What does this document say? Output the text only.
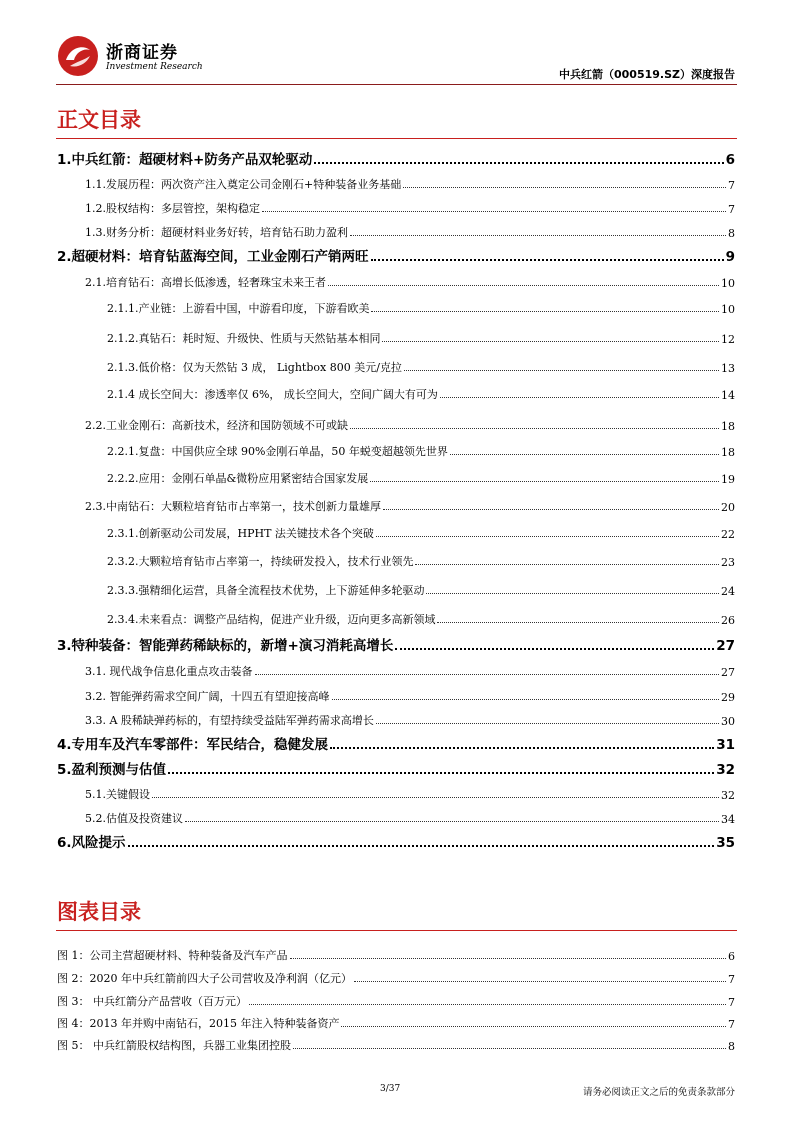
浙商证券
Investment Research
中兵红箭（000519.SZ）深度报告
正文目录
1.中兵红箭：超硬材料+防务产品双轮驱动	6
1.1.发展历程：两次资产注入奠定公司金刚石+特种装备业务基础	7
1.2.股权结构：多层管控，架构稳定	7
1.3.财务分析：超硬材料业务好转，培育钻石助力盈利	8
2.超硬材料：培育钻蓝海空间，工业金刚石产销两旺	9
2.1.培育钻石：高增长低渗透，轻奢珠宝未来王者	10
2.1.1.产业链：上游看中国，中游看印度，下游看欧美	10
2.1.2.真钻石：耗时短、升级快、性质与天然钻基本相同	12
2.1.3.低价格：仅为天然钻 3 成， Lightbox 800 美元/克拉	13
2.1.4 成长空间大：渗透率仅 6%， 成长空间大，空间广阔大有可为	14
2.2.工业金刚石：高新技术，经济和国防领域不可或缺	18
2.2.1.复盘：中国供应全球 90%金刚石单晶，50 年蜕变超越领先世界	18
2.2.2.应用：金刚石单晶&微粉应用紧密结合国家发展	19
2.3.中南钻石：大颗粒培育钻市占率第一，技术创新力量雄厚	20
2.3.1.创新驱动公司发展，HPHT 法关键技术各个突破	22
2.3.2.大颗粒培育钻市占率第一，持续研发投入，技术行业领先	23
2.3.3.强精细化运营，具备全流程技术优势，上下游延伸多轮驱动	24
2.3.4.未来看点：调整产品结构，促进产业升级，迈向更多高新领域	26
3.特种装备：智能弹药稀缺标的，新增+演习消耗高增长	27
3.1. 现代战争信息化重点攻击装备	27
3.2. 智能弹药需求空间广阔，十四五有望迎接高峰	29
3.3. A 股稀缺弹药标的，有望持续受益陆军弹药需求高增长	30
4.专用车及汽车零部件：军民结合，稳健发展	31
5.盈利预测与估值	32
5.1.关键假设	32
5.2.估值及投资建议	34
6.风险提示	35
图表目录
图 1：公司主营超硬材料、特种装备及汽车产品	6
图 2：2020 年中兵红箭前四大子公司营收及净利润（亿元）	7
图 3： 中兵红箭分产品营收（百万元）	7
图 4：2013 年并购中南钻石，2015 年注入特种装备资产	7
图 5： 中兵红箭股权结构图，兵器工业集团控股	8
3/37	请务必阅读正文之后的免责条款部分
